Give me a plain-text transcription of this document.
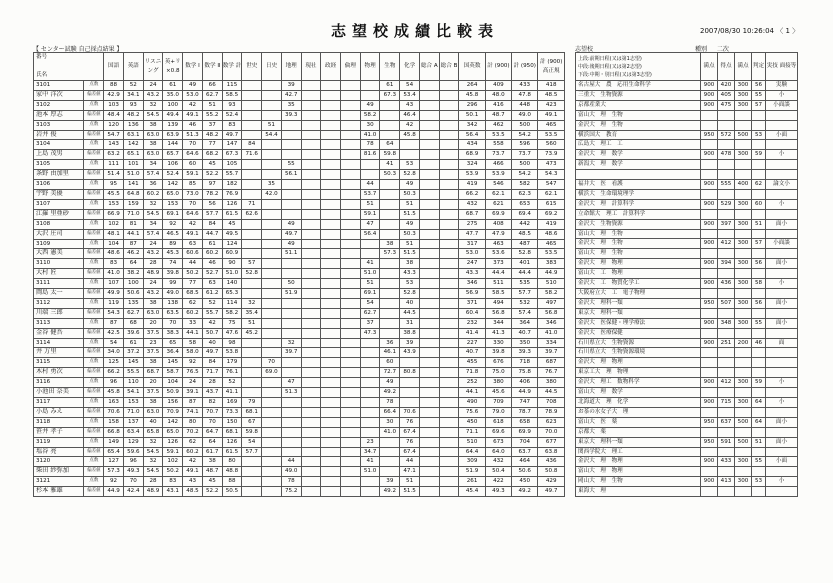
志望校成績比較表	2007/08/30 10:26:04 〈 1 〉
【 センター試験 自己採点結果 】
番号

氏名		国語	英語	リスニング	英+リ ×0.8	数学 Ⅰ	数学 Ⅱ	数学 計	世史	日史	地理	現社	政経	倫理	物理	生物	化学	総合 A	総合 B	国英数	計 (900)	計 (950)	計 (900) 高正規
3101	点数	88	52	24	61	49	66	115			39					61	54			264	409	433	418
家中 洋次	偏差値	42.9	34.1	43.2	35.0	53.0	62.7	58.5			42.7					67.3	53.4			45.8	48.0	47.8	48.5
3102	点数	103	93	32	100	42	51	93			35				49		43			296	416	448	423
池本 厚志	偏差値	48.4	48.2	54.5	49.4	49.1	55.2	52.4			39.3				58.2		46.4			50.1	48.7	49.0	49.1
3103	点数	120	136	38	139	46	37	83		51					30		42			342	462	500	465
岩井 俊	偏差値	54.7	63.1	63.0	63.9	51.3	48.2	49.7		54.4					41.0		45.8			56.4	53.5	54.2	53.5
3104	点数	143	142	38	144	70	77	147	84						78	64				434	558	596	560
上島 茂男	偏差値	63.2	65.1	63.0	65.7	64.6	68.2	67.3	71.6						81.6	59.8				68.9	73.7	73.7	73.9
3105	点数	111	101	34	106	60	45	105			55					41	53			324	466	500	473
条野 由加里	偏差値	51.4	51.0	57.4	52.4	59.1	52.2	55.7			56.1					50.3	52.8			53.9	53.9	54.2	54.3
3106	点数	95	141	36	142	85	97	182		35					44		49			419	546	582	547
宇野 美優	偏差値	45.5	64.8	60.2	65.0	73.0	78.2	76.9		42.0					53.7		50.3			66.2	62.1	62.3	62.1
3107	点数	153	159	32	153	70	56	126	71						51		51			432	621	653	615
江羅 里亜砂	偏差値	66.9	71.0	54.5	69.1	64.6	57.7	61.5	62.6						59.1		51.5			68.7	69.9	69.4	69.2
3108	点数	102	81	34	92	42	84	45			49				47		49			275	408	442	419
大沢 庄司	偏差値	48.1	44.1	57.4	46.5	49.1	44.7	49.5			49.7				56.4		50.3			47.7	47.9	48.5	48.6
3109	点数	104	87	24	89	63	61	124			49					38	51			317	463	487	465
大西 憲美	偏差値	48.6	46.2	43.2	45.3	60.6	60.2	60.9			51.1					57.3	51.5			53.0	53.6	52.8	53.5
3110	点数	83	64	28	74	44	46	90	57						41		38			247	373	401	383
大村 匠	偏差値	41.0	38.2	48.9	39.8	50.2	52.7	51.0	52.8						51.0		43.3			43.3	44.4	44.4	44.9
3111	点数	107	100	24	99	77	63	140			50				51		53			346	511	535	510
岡島 太一	偏差値	49.9	50.6	43.2	49.0	68.5	61.2	65.3			51.9				69.1		52.8			56.9	58.5	57.7	58.2
3112	点数	119	135	38	138	62	52	114	32						54		40			371	494	532	497
川端 三郎	偏差値	54.3	62.7	63.0	63.5	60.2	55.7	58.2	35.4						62.7		44.5			60.4	56.8	57.4	56.8
3113	点数	87	68	20	70	33	42	75	51						37		31			232	344	364	346
金谷 健吾	偏差値	42.5	39.6	37.5	38.3	44.1	50.7	47.6	45.2						47.3		38.8			41.4	41.3	40.7	41.0
3114	点数	54	61	23	65	58	40	98			32					36	39			227	330	350	334
井 万里	偏差値	34.0	37.2	37.5	36.4	58.0	49.7	53.8			39.7					46.1	43.9			40.7	39.8	39.3	39.7
3115	点数	125	145	38	145	92	84	179		70						60				455	676	718	687
木村 勇次	偏差値	66.2	55.5	68.7	58.7	76.5	71.7	76.1		69.0						72.7	80.8			71.8	75.0	75.8	76.7
3116	点数	96	110	20	104	24	28	52			47					49				252	380	406	380
小池田 奈美	偏差値	45.8	54.1	37.5	50.9	39.1	43.7	41.1			51.3					49.2				44.1	45.6	44.9	44.5
3117	点数	163	153	38	156	87	82	169	79							78				490	709	747	708
小島 みえ	偏差値	70.6	71.0	63.0	70.9	74.1	70.7	73.3	68.1							66.4	70.6			75.6	79.0	78.7	78.9
3118	点数	158	137	40	142	80	70	150	67							30	76			450	618	658	623
笹井 孝子	偏差値	66.8	63.4	65.8	65.0	70.2	64.7	68.1	59.8							41.0	67.4			71.1	69.6	69.9	70.0
3119	点数	149	129	32	126	62	64	126	54						23		76			510	673	704	677
塩谷 亮	偏差値	65.4	59.6	54.5	59.1	60.2	61.7	61.5	57.7						34.7		67.4			64.4	64.0	63.7	63.8
3120	点数	127	96	32	102	42	38	80			44				41		44			309	432	464	436
柴田 紗弥加	偏差値	57.3	49.3	54.5	50.2	49.1	48.7	48.8			49.0				51.0		47.1			51.9	50.4	50.6	50.8
3121	点数	92	70	28	83	43	45	88			78					39	51			261	422	450	429
杉本 雅雄	偏差値	44.9	42.4	48.9	43.1	48.5	52.2	50.5			75.2					49.2	51.5			45.4	49.3	49.2	49.7
志望校	種別 二次
上段:前期日程(又は第1志望)
中段:後期日程(又は第2志望)
下段:中期・別日程(又は第3志望)	満点	得点	満点	判定	実技 面接等
名古屋大　農　応用生命科学	900	420	300	56	実験
三重大　生物資源	900	405	300	55	小
京都産業大	900	475	300	57	小面談
富山大　理　生物					
金沢大　理　生物					
横浜国大　教育	950	572	500	53	小面
広島大　理工　工					
金沢大　理　数学	900	478	300	59	小
新潟大　理　数学					

福井大　医　看護	900	555	400	62	論文小
横浜大　生命環境理学					
金沢大　理　計算科学	900	529	300	60	小
立命館大　理工　計算科学					
金沢大　生物資源	900	397	300	51	面小
富山大　理　生物					
金沢大　理　生物	900	412	300	57	小面談
富山大　理　生物					
金沢大　理　物理	900	394	300	56	面小
富山大　工　物理					
金沢大　工　物質化学工	900	436	300	58	小
大阪府立大　工　電子物理					
金沢大　理科一類	950	507	300	56	面小
東京大　理科一類					
金沢大　医保健・理学療法	900	348	300	55	面小
金沢大　医療保健					
石川県立大　生物資源	900	251	200	46	面
石川県立大　生物資源環境					
金沢大　理　物理					
東京工大　理　物理					
金沢大　理工　数物科学	900	412	300	59	小
富山大　理　数学					
北海道大　理　化学	900	715	300	64	小
お茶の水女子大　理					
富山大　医　薬	950	637	500	64	面小
京都大　薬					
東京大　理科一類	950	591	500	51	面小
関西学院大　理工					
金沢大　理　物理	900	433	300	55	小面
富山大　理　物理					
岡山大　理　生物	900	413	300	53	小
東海大　理					
